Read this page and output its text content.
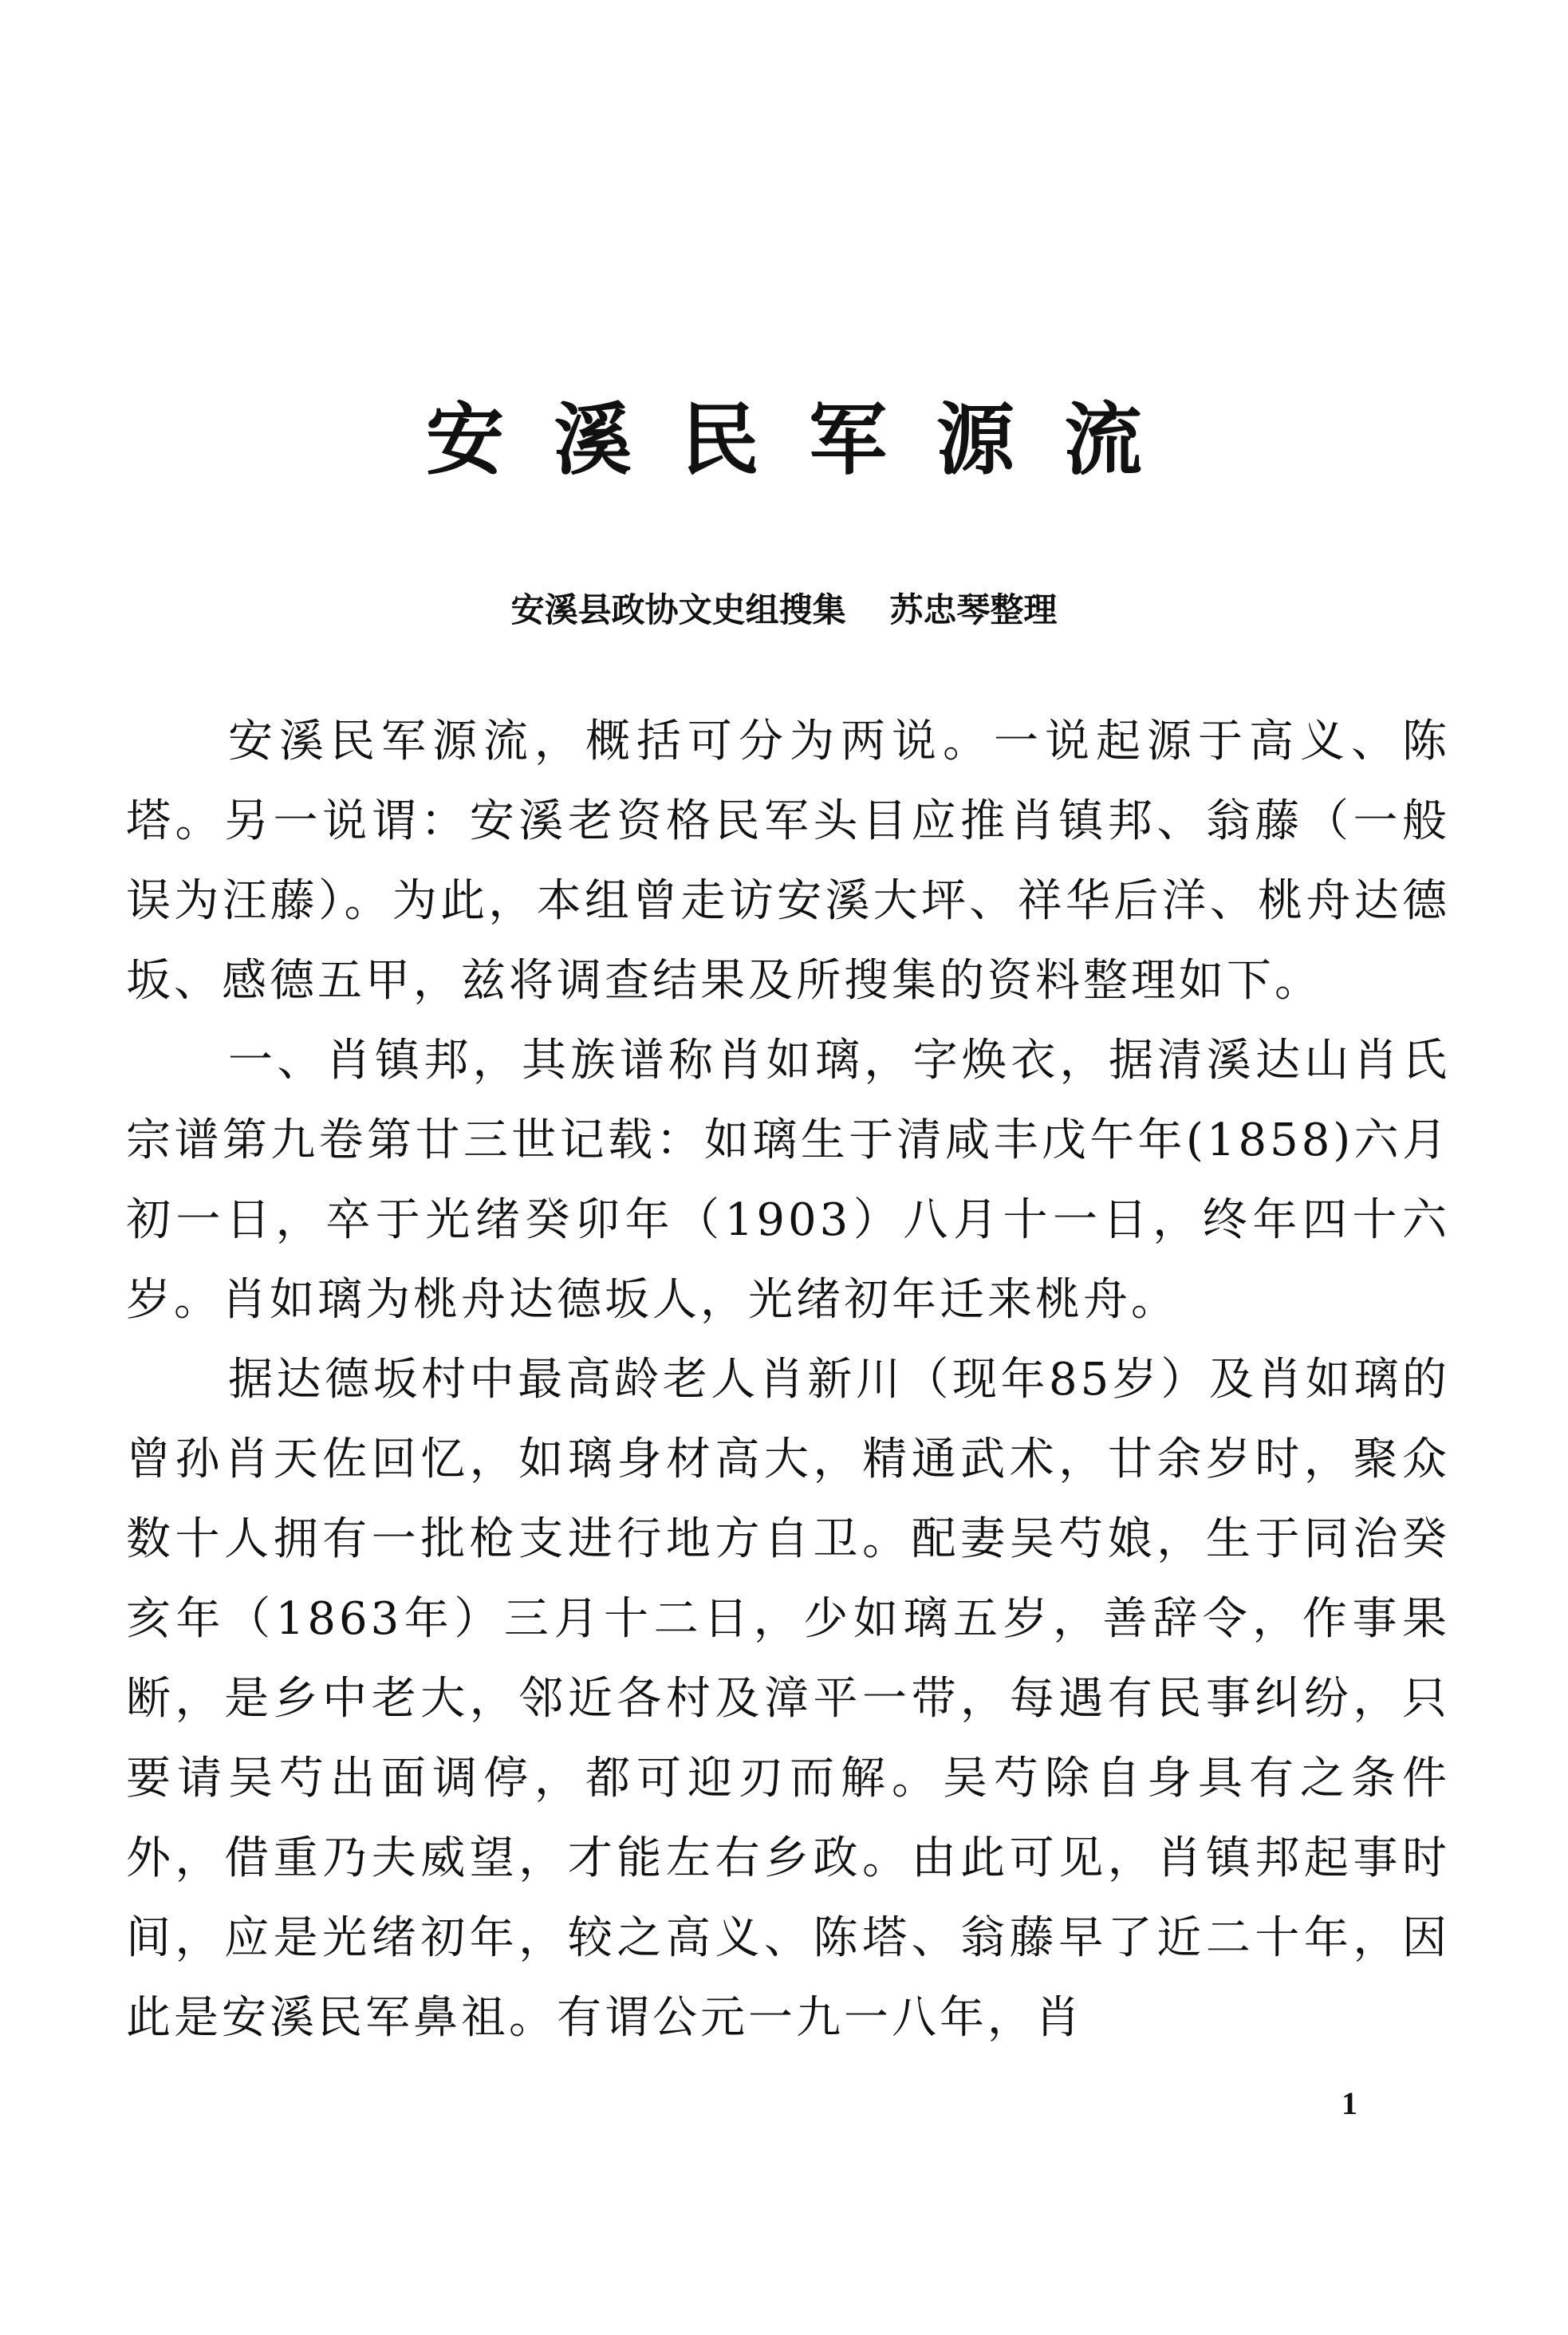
安溪民军源流
安溪县政协文史组搜集 苏忠琴整理

安溪民军源流，概括可分为两说。一说起源于高义、陈塔。另一说谓：安溪老资格民军头目应推肖镇邦、翁藤（一般误为汪藤）。为此，本组曾走访安溪大坪、祥华后洋、桃舟达德坂、感德五甲，兹将调查结果及所搜集的资料整理如下。

一、肖镇邦，其族谱称肖如璃，字焕衣，据清溪达山肖氏宗谱第九卷第廿三世记载：如璃生于清咸丰戊午年(1858)六月初一日，卒于光绪癸卯年（1903）八月十一日，终年四十六岁。肖如璃为桃舟达德坂人，光绪初年迁来桃舟。

据达德坂村中最高龄老人肖新川（现年85岁）及肖如璃的曾孙肖天佐回忆，如璃身材高大，精通武术，廿余岁时，聚众数十人拥有一批枪支进行地方自卫。配妻吴芍娘，生于同治癸亥年（1863年）三月十二日，少如璃五岁，善辞令，作事果断，是乡中老大，邻近各村及漳平一带，每遇有民事纠纷，只要请吴芍出面调停，都可迎刃而解。吴芍除自身具有之条件外，借重乃夫威望，才能左右乡政。由此可见，肖镇邦起事时间，应是光绪初年，较之高义、陈塔、翁藤早了近二十年，因此是安溪民军鼻祖。有谓公元一九一八年，肖

1
